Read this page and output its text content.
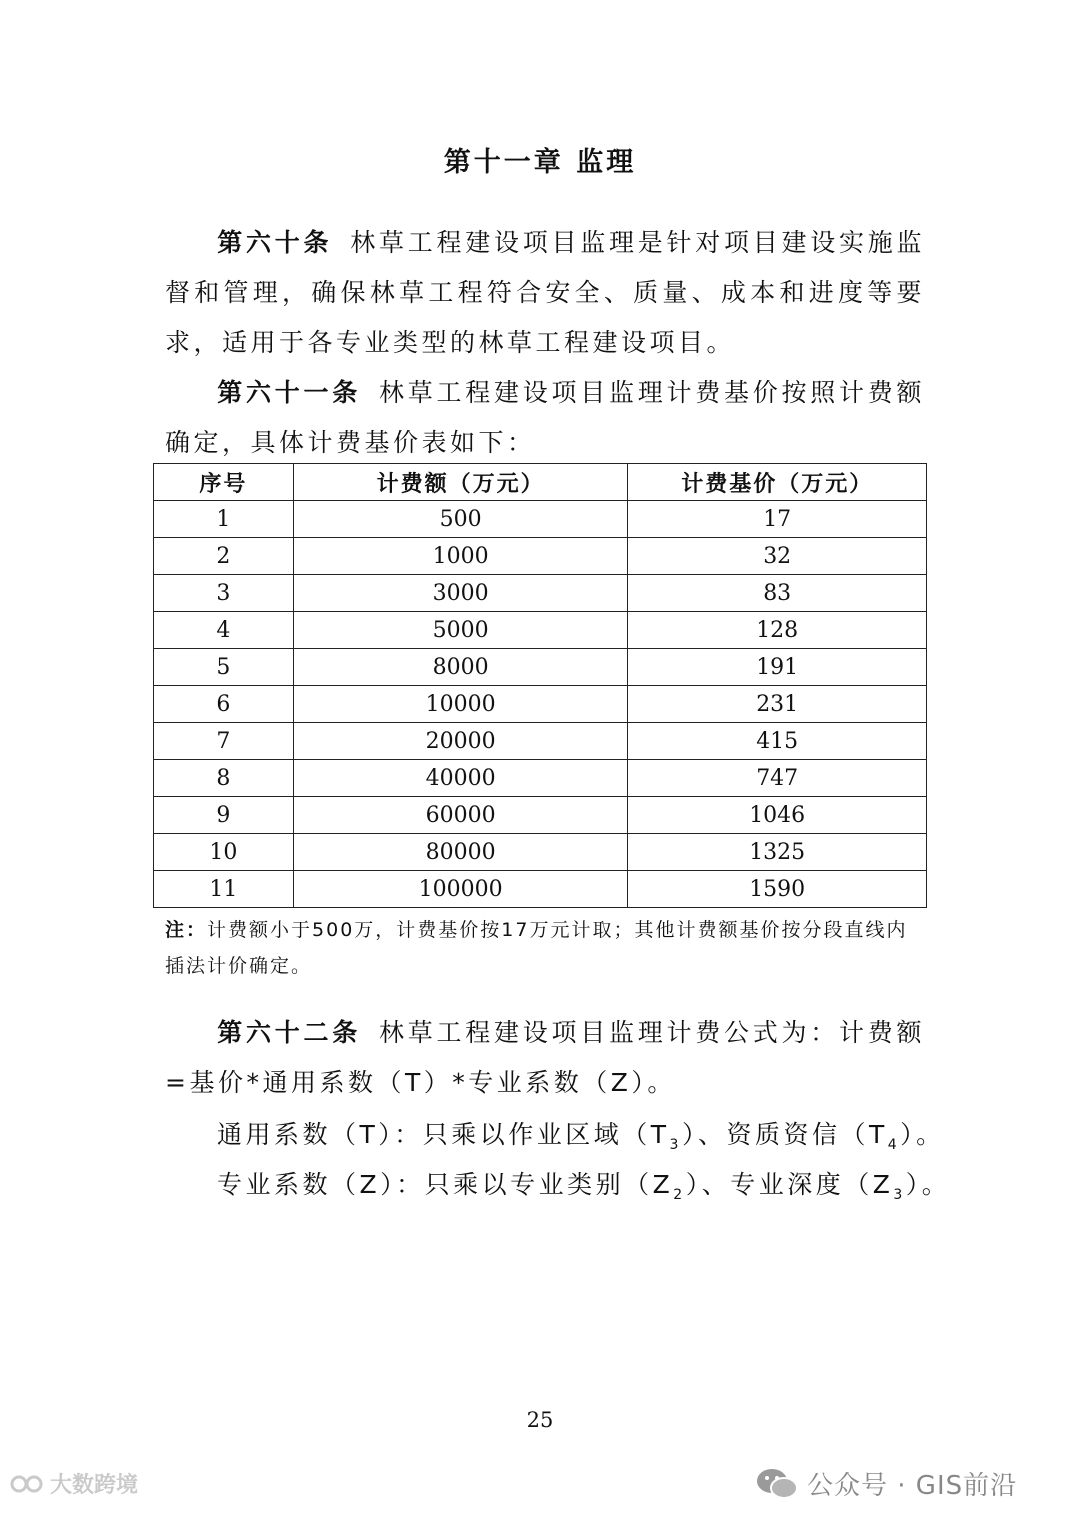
第十一章 监理
第六十条 林草工程建设项目监理是针对项目建设实施监督和管理，确保林草工程符合安全、质量、成本和进度等要求，适用于各专业类型的林草工程建设项目。
第六十一条 林草工程建设项目监理计费基价按照计费额确定，具体计费基价表如下：
序号	计费额（万元）	计费基价（万元）
1	500	17
2	1000	32
3	3000	83
4	5000	128
5	8000	191
6	10000	231
7	20000	415
8	40000	747
9	60000	1046
10	80000	1325
11	100000	1590
注：计费额小于500万，计费基价按17万元计取；其他计费额基价按分段直线内插法计价确定。
第六十二条 林草工程建设项目监理计费公式为：计费额=基价*通用系数（T）*专业系数（Z）。
通用系数（T）：只乘以作业区域$(T_3)$、资质资信$(T_4)$。
专业系数（Z）：只乘以专业类别$(Z_2)$、专业深度$(Z_3)$。
25
大数跨境	公众号 · GIS前沿
